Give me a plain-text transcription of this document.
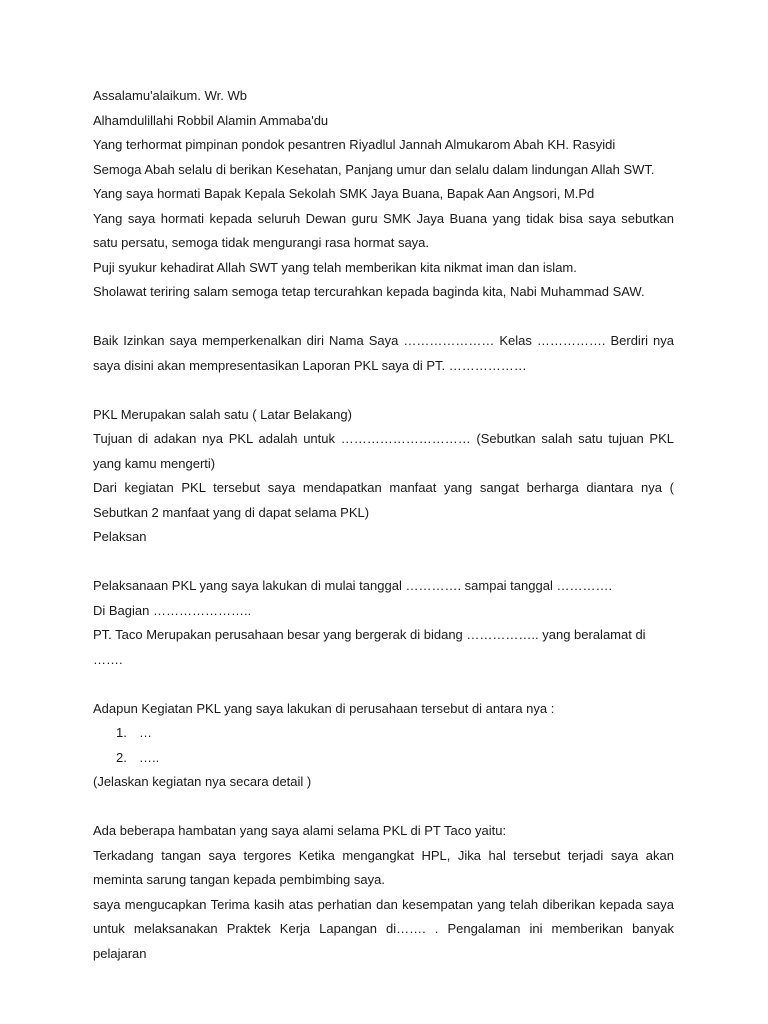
Assalamu'alaikum. Wr. Wb

Alhamdulillahi Robbil Alamin Ammaba'du

Yang terhormat pimpinan pondok pesantren Riyadlul Jannah Almukarom Abah KH. Rasyidi

Semoga Abah selalu di berikan Kesehatan, Panjang umur dan selalu dalam lindungan Allah SWT.

Yang saya hormati Bapak Kepala Sekolah SMK Jaya Buana, Bapak Aan Angsori, M.Pd

Yang saya hormati kepada seluruh Dewan guru SMK Jaya Buana yang tidak bisa saya sebutkan satu persatu, semoga tidak mengurangi rasa hormat saya.

Puji syukur kehadirat Allah SWT yang telah memberikan kita nikmat iman dan islam.

Sholawat teriring salam semoga tetap tercurahkan kepada baginda kita, Nabi Muhammad SAW.

Baik Izinkan saya memperkenalkan diri Nama Saya ………………… Kelas ……………. Berdiri nya saya disini akan mempresentasikan Laporan PKL saya di PT. ………………

PKL Merupakan salah satu ( Latar Belakang)

Tujuan di adakan nya PKL adalah untuk ………………………… (Sebutkan salah satu tujuan PKL yang kamu mengerti)

Dari kegiatan PKL tersebut saya mendapatkan manfaat yang sangat berharga diantara nya ( Sebutkan 2 manfaat yang di dapat selama PKL)

Pelaksan

Pelaksanaan PKL yang saya lakukan di mulai tanggal …………. sampai tanggal ………….

Di Bagian …………………..

PT. Taco Merupakan perusahaan besar yang bergerak di bidang …………….. yang beralamat di …….

Adapun Kegiatan PKL yang saya lakukan di perusahaan tersebut di antara nya :

1. …
2. …..

(Jelaskan kegiatan nya secara detail )

Ada beberapa hambatan yang saya alami selama PKL di PT Taco yaitu:

Terkadang tangan saya tergores Ketika mengangkat HPL, Jika hal tersebut terjadi saya akan meminta sarung tangan kepada pembimbing saya.

saya mengucapkan Terima kasih atas perhatian dan kesempatan yang telah diberikan kepada saya untuk melaksanakan Praktek Kerja Lapangan di……. . Pengalaman ini memberikan banyak pelajaran
